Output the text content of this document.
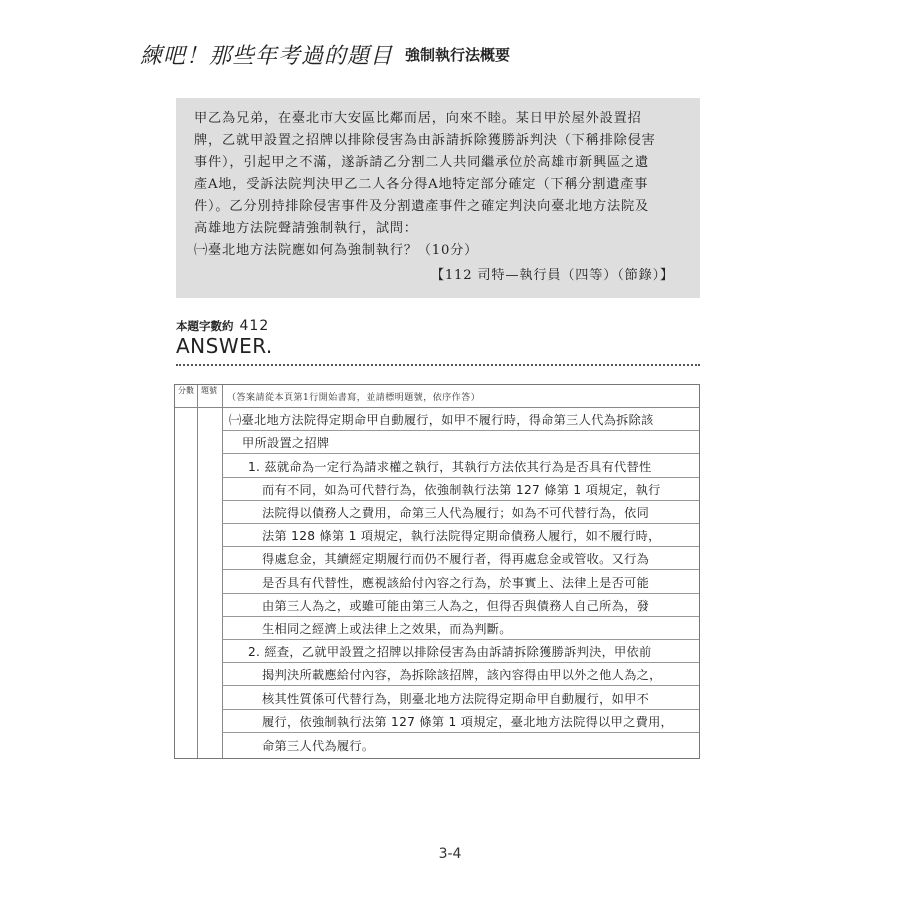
練吧！那些年考過的題目 強制執行法概要
甲乙為兄弟，在臺北市大安區比鄰而居，向來不睦。某日甲於屋外設置招
牌，乙就甲設置之招牌以排除侵害為由訴請拆除獲勝訴判決（下稱排除侵害
事件），引起甲之不滿，遂訴請乙分割二人共同繼承位於高雄市新興區之遺
產A地，受訴法院判決甲乙二人各分得A地特定部分確定（下稱分割遺產事
件）。乙分別持排除侵害事件及分割遺產事件之確定判決向臺北地方法院及
高雄地方法院聲請強制執行，試問：
㈠臺北地方法院應如何為強制執行？（10分）
【112 司特—執行員（四等）（節錄）】
本題字數約 412
ANSWER.
分數 題號
（答案請從本頁第1行開始書寫，並請標明題號，依序作答）
㈠臺北地方法院得定期命甲自動履行，如甲不履行時，得命第三人代為拆除該
甲所設置之招牌
1. 茲就命為一定行為請求權之執行，其執行方法依其行為是否具有代替性
而有不同，如為可代替行為，依強制執行法第 127 條第 1 項規定，執行
法院得以債務人之費用，命第三人代為履行；如為不可代替行為，依同
法第 128 條第 1 項規定，執行法院得定期命債務人履行，如不履行時，
得處怠金，其續經定期履行而仍不履行者，得再處怠金或管收。又行為
是否具有代替性，應視該給付內容之行為，於事實上、法律上是否可能
由第三人為之，或雖可能由第三人為之，但得否與債務人自己所為，發
生相同之經濟上或法律上之效果，而為判斷。
2. 經查，乙就甲設置之招牌以排除侵害為由訴請拆除獲勝訴判決，甲依前
揭判決所載應給付內容，為拆除該招牌，該內容得由甲以外之他人為之，
核其性質係可代替行為，則臺北地方法院得定期命甲自動履行，如甲不
履行，依強制執行法第 127 條第 1 項規定，臺北地方法院得以甲之費用，
命第三人代為履行。
3-4
